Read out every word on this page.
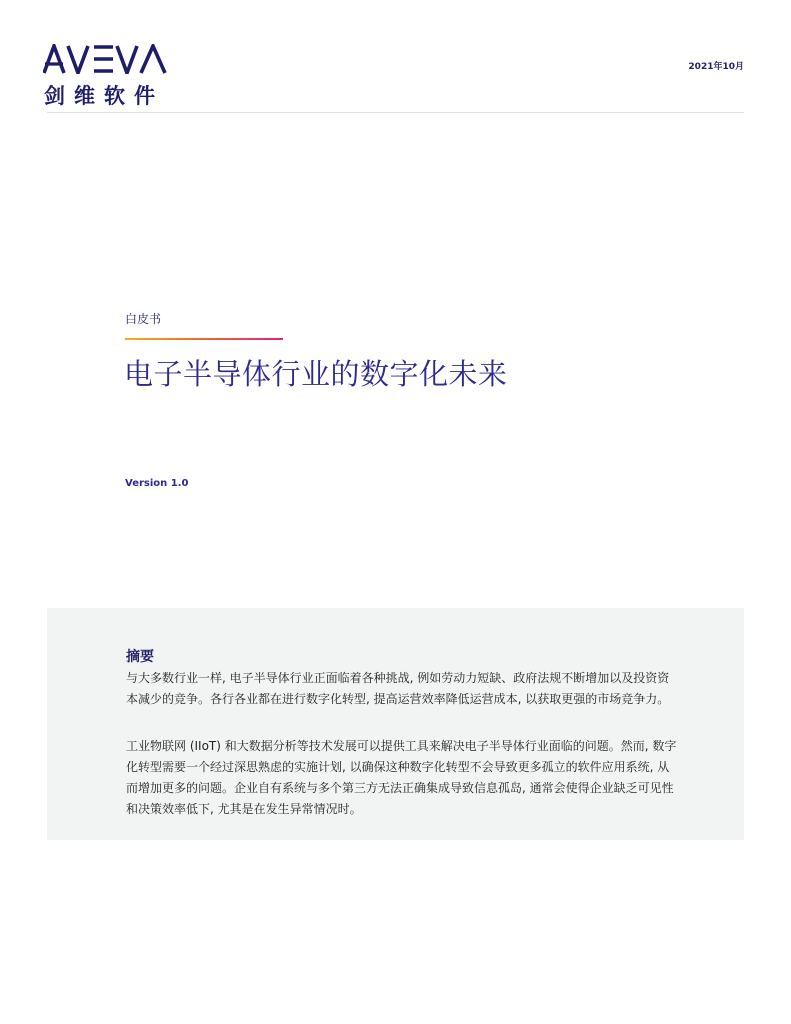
剑维软件
2021年10月
白皮书
电子半导体行业的数字化未来
Version 1.0
摘要

与大多数行业一样, 电子半导体行业正面临着各种挑战, 例如劳动力短缺、政府法规不断增加以及投资资本减少的竞争。各行各业都在进行数字化转型, 提高运营效率降低运营成本, 以获取更强的市场竞争力。

工业物联网 (IIoT) 和大数据分析等技术发展可以提供工具来解决电子半导体行业面临的问题。然而, 数字化转型需要一个经过深思熟虑的实施计划, 以确保这种数字化转型不会导致更多孤立的软件应用系统, 从而增加更多的问题。企业自有系统与多个第三方无法正确集成导致信息孤岛, 通常会使得企业缺乏可见性和决策效率低下, 尤其是在发生异常情况时。
